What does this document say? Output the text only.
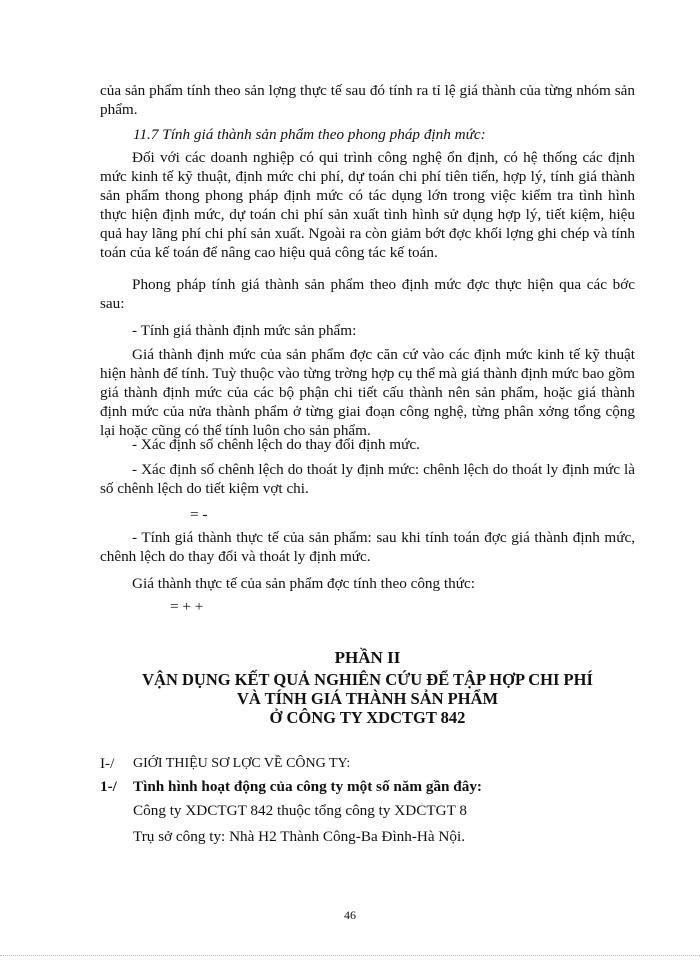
của sản phẩm tính theo sản lợng thực tế sau đó tính ra tỉ lệ giá thành của từng nhóm sản phẩm.

11.7 Tính giá thành sản phẩm theo phong pháp định mức:

Đối với các doanh nghiệp có qui trình công nghệ ổn định, có hệ thống các định mức kinh tế kỹ thuật, định mức chi phí, dự toán chi phí tiên tiến, hợp lý, tính giá thành sản phẩm thong phong pháp định mức có tác dụng lớn trong việc kiểm tra tình hình thực hiện định mức, dự toán chi phí sản xuất tình hình sử dụng hợp lý, tiết kiệm, hiệu quả hay lãng phí chi phí sản xuất. Ngoài ra còn giảm bớt đợc khối lợng ghi chép và tính toán của kế toán để nâng cao hiệu quả công tác kế toán.

Phong pháp tính giá thành sản phẩm theo định mức đợc thực hiện qua các bớc sau:

- Tính giá thành định mức sản phẩm:

Giá thành định mức của sản phẩm đợc căn cứ vào các định mức kinh tế kỹ thuật hiện hành để tính. Tuỳ thuộc vào từng trờng hợp cụ thể mà giá thành định mức bao gồm giá thành định mức của các bộ phận chi tiết cấu thành nên sản phẩm, hoặc giá thành định mức của nửa thành phẩm ở từng giai đoạn công nghệ, từng phân xởng tổng cộng lại hoặc cũng có thể tính luôn cho sản phẩm.

- Xác định số chênh lệch do thay đổi định mức.

- Xác định số chênh lệch do thoát ly định mức: chênh lệch do thoát ly định mức là số chênh lệch do tiết kiệm vợt chi.

= -

- Tính giá thành thực tế của sản phẩm: sau khi tính toán đợc giá thành định mức, chênh lệch do thay đổi và thoát ly định mức.

Giá thành thực tế của sản phẩm đợc tính theo công thức:

= + +

PHẦN II

VẬN DỤNG KẾT QUẢ NGHIÊN CỨU ĐỂ TẬP HỢP CHI PHÍ

VÀ TÍNH GIÁ THÀNH SẢN PHẨM

Ở CÔNG TY XDCTGT 842

I-/ GIỚI THIỆU SƠ LỢC VỀ CÔNG TY:

1-/ Tình hình hoạt động của công ty một số năm gần đây:

Công ty XDCTGT 842 thuộc tổng công ty XDCTGT 8

Trụ sở công ty: Nhà H2 Thành Công-Ba Đình-Hà Nội.

46
